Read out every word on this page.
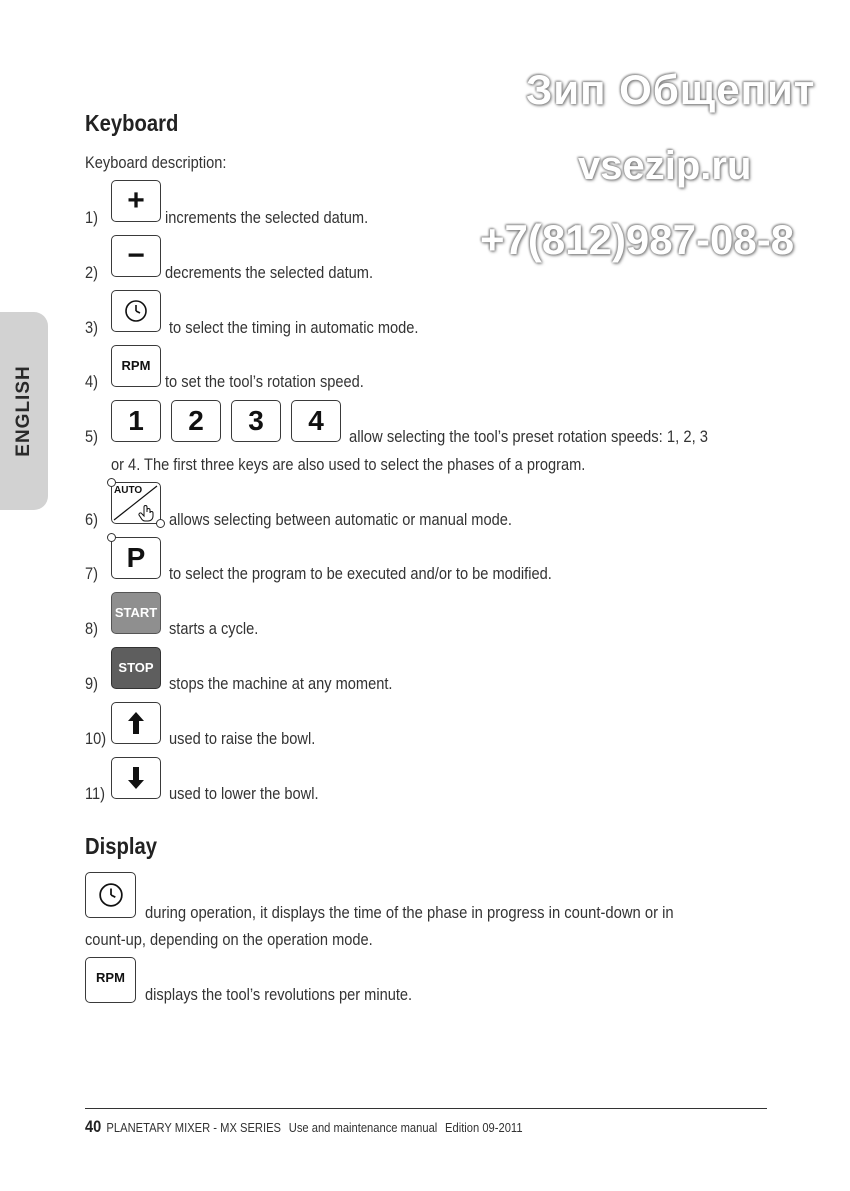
ENGLISH
Зип Общепит
vsezip.ru
+7(812)987-08-8
Keyboard
Keyboard description:
1)
+
increments the selected datum.
2)
−
decrements the selected datum.
3)	to select the timing in automatic mode.
4)
RPM
to set the tool’s rotation speed.
5)
1	2	3	4
allow selecting the tool’s preset rotation speeds: 1, 2, 3
or 4. The first three keys are also used to select the phases of a program.
6)
AUTO
allows selecting between automatic or manual mode.
7)
P
to select the program to be executed and/or to be modified.
8)
START
starts a cycle.
9)
STOP
stops the machine at any moment.
10)	used to raise the bowl.
11)	used to lower the bowl.
Display
during operation, it displays the time of the phase in progress in count-down or in
count-up, depending on the operation mode.
RPM
displays the tool’s revolutions per minute.
40 PLANETARY MIXER - MX SERIES Use and maintenance manual Edition 09-2011
